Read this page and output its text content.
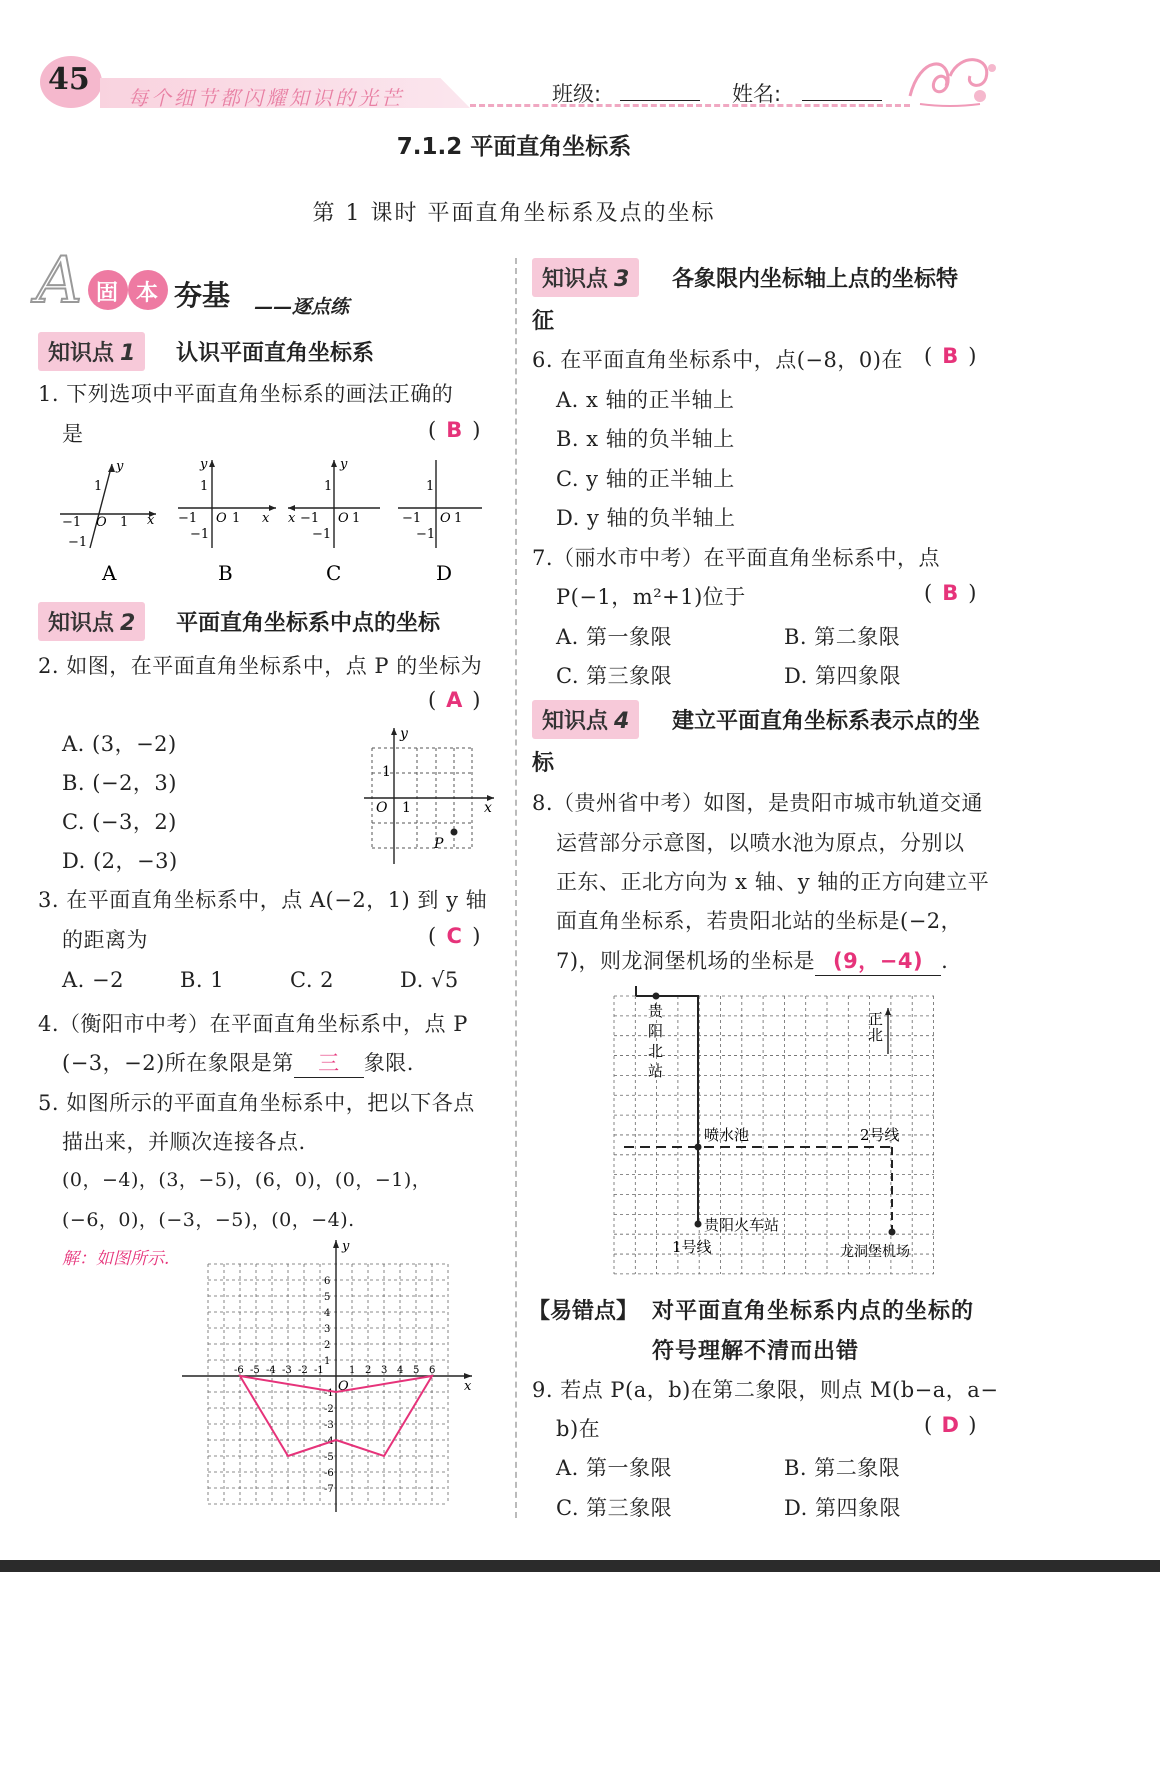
45
每个细节都闪耀知识的光芒	班级:	姓名:
7.1.2 平面直角坐标系
第 1 课时 平面直角坐标系及点的坐标
A 固 本 夯基 ——逐点练
知识点 1	认识平面直角坐标系
1. 下列选项中平面直角坐标系的画法正确的
是	( B )
y
x
1
−1 O 1
−1
A
y
x
1
−1 O 1
−1
B
y
x
1
−1 O 1
−1
C
1
−1 O 1
−1
D
知识点 2	平面直角坐标系中点的坐标
2. 如图，在平面直角坐标系中，点 P 的坐标为
( A )
A. (3，−2)
B. (−2，3)
C. (−3，2)
D. (2，−3)
y
x
O
P
1
1
3. 在平面直角坐标系中，点 A(−2，1) 到 y 轴
的距离为	( C )
A. −2	B. 1	C. 2	D. √5
4.（衡阳市中考）在平面直角坐标系中，点 P
(−3，−2)所在象限是第 三 象限.
5. 如图所示的平面直角坐标系中，把以下各点
描出来，并顺次连接各点.
(0，−4)，(3，−5)，(6，0)，(0，−1)，
(−6，0)，(−3，−5)，(0，−4).
解：如图所示.
y
x
O
-6 -5 -4 -3 -2 -1	1 2 3 4 5 6
-7
-6
-5
-4
-3
-2
-1
1
2
3
4
5
6
知识点 3	各象限内坐标轴上点的坐标特
征
6. 在平面直角坐标系中，点(−8，0)在 ( B )
A. x 轴的正半轴上
B. x 轴的负半轴上
C. y 轴的正半轴上
D. y 轴的负半轴上
7.（丽水市中考）在平面直角坐标系中，点
P(−1，m²+1)位于	( B )
A. 第一象限	B. 第二象限
C. 第三象限	D. 第四象限
知识点 4	建立平面直角坐标系表示点的坐
标
8.（贵州省中考）如图，是贵阳市城市轨道交通
运营部分示意图，以喷水池为原点，分别以
正东、正北方向为 x 轴、y 轴的正方向建立平
面直角坐标系，若贵阳北站的坐标是(−2，
7)，则龙洞堡机场的坐标是 (9，−4) .
贵
阳
北
站
正
北
喷水池	2号线
贵阳火车站
1号线	龙洞堡机场
【易错点】 对平面直角坐标系内点的坐标的
符号理解不清而出错
9. 若点 P(a，b)在第二象限，则点 M(b−a，a−
b)在	( D )
A. 第一象限	B. 第二象限
C. 第三象限	D. 第四象限
